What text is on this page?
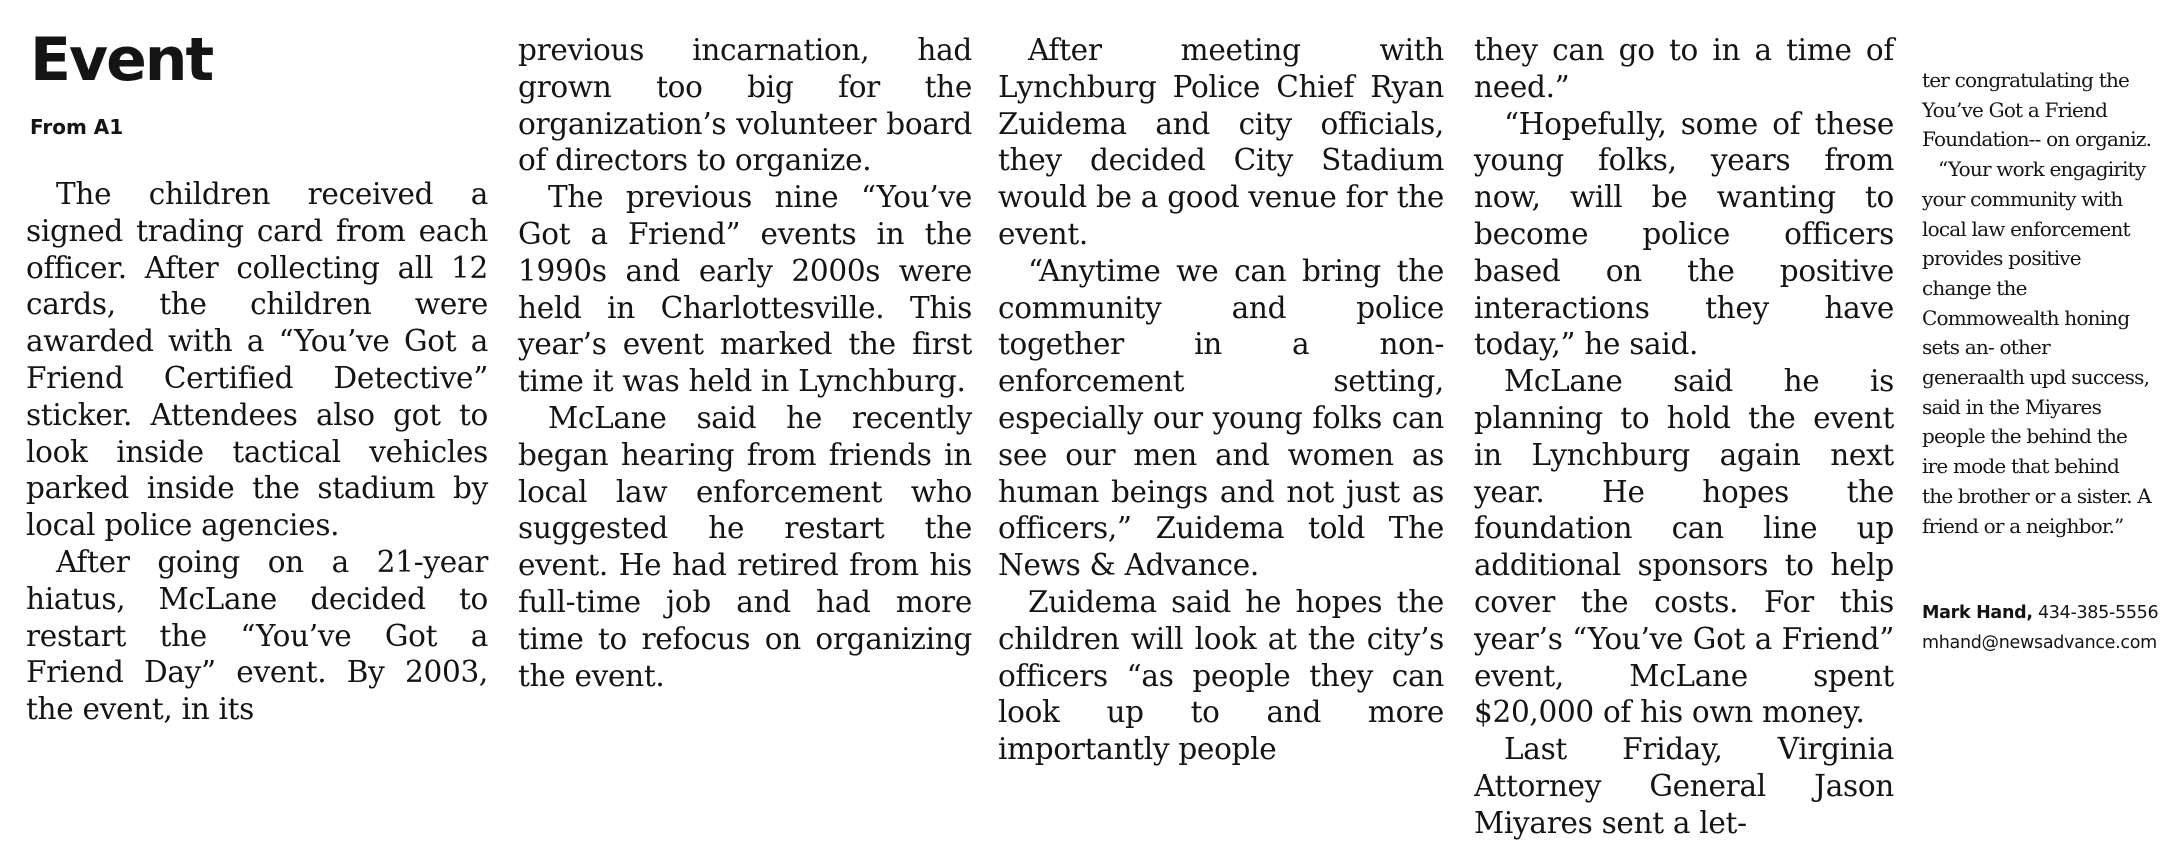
Event
From A1

The children received a signed trading card from each officer. After collecting all 12 cards, the children were awarded with a “You’ve Got a Friend Certified Detective” sticker. Attendees also got to look inside tactical vehicles parked inside the stadium by local police agencies.

After going on a 21-year hiatus, McLane decided to restart the “You’ve Got a Friend Day” event. By 2003, the event, in its

previous incarnation, had grown too big for the organization’s volunteer board of directors to organize.

The previous nine “You’ve Got a Friend” events in the 1990s and early 2000s were held in Charlottesville. This year’s event marked the first time it was held in Lynchburg.

McLane said he recently began hearing from friends in local law enforcement who suggested he restart the event. He had retired from his full-time job and had more time to refocus on organizing the event.

After meeting with Lynchburg Police Chief Ryan Zuidema and city officials, they decided City Stadium would be a good venue for the event.

“Anytime we can bring the community and police together in a non-enforcement setting, especially our young folks can see our men and women as human beings and not just as officers,” Zuidema told The News & Advance.

Zuidema said he hopes the children will look at the city’s officers “as people they can look up to and more importantly people

they can go to in a time of need.”

“Hopefully, some of these young folks, years from now, will be wanting to become police officers based on the positive interactions they have today,” he said.

McLane said he is planning to hold the event in Lynchburg again next year. He hopes the foundation can line up additional sponsors to help cover the costs. For this year’s “You’ve Got a Friend” event, McLane spent $20,000 of his own money.

Last Friday, Virginia Attorney General Jason Miyares sent a let-

ter congratulating the You’ve Got a Friend Foundation-- on organiz.

“Your work engagirity your community with local law enforcement provides positive change the Commowealth honing sets an- other generaalth upd success, said in the Miyares people the behind the ire mode that behind the brother or a sister. A friend or a neighbor.”

Mark Hand, 434-385-5556
mhand@newsadvance.com
